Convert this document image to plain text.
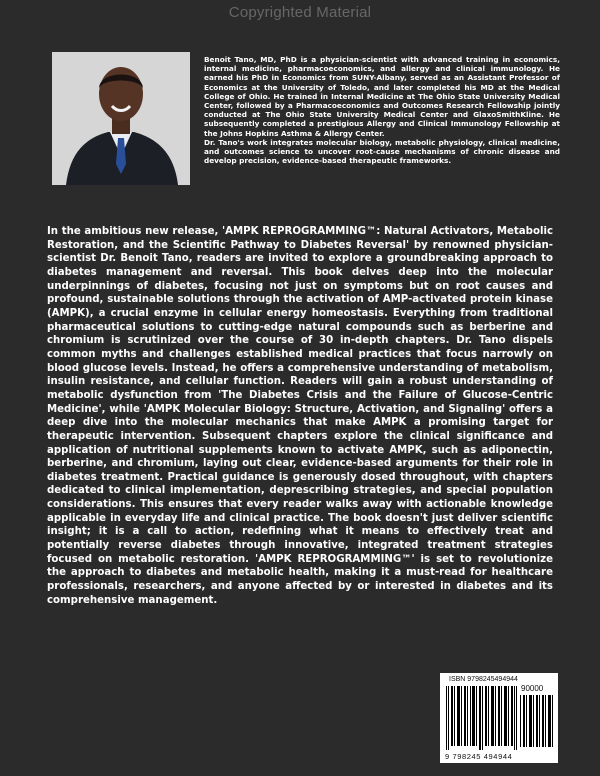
Copyrighted Material

Benoit Tano, MD, PhD is a physician-scientist with advanced training in economics, internal medicine, pharmacoeconomics, and allergy and clinical immunology. He earned his PhD in Economics from SUNY-Albany, served as an Assistant Professor of Economics at the University of Toledo, and later completed his MD at the Medical College of Ohio. He trained in Internal Medicine at The Ohio State University Medical Center, followed by a Pharmacoeconomics and Outcomes Research Fellowship jointly conducted at The Ohio State University Medical Center and GlaxoSmithKline. He subsequently completed a prestigious Allergy and Clinical Immunology Fellowship at the Johns Hopkins Asthma & Allergy Center.

Dr. Tano's work integrates molecular biology, metabolic physiology, clinical medicine, and outcomes science to uncover root-cause mechanisms of chronic disease and develop precision, evidence-based therapeutic frameworks.

In the ambitious new release, 'AMPK REPROGRAMMING™: Natural Activators, Metabolic Restoration, and the Scientific Pathway to Diabetes Reversal' by renowned physician-scientist Dr. Benoit Tano, readers are invited to explore a groundbreaking approach to diabetes management and reversal. This book delves deep into the molecular underpinnings of diabetes, focusing not just on symptoms but on root causes and profound, sustainable solutions through the activation of AMP-activated protein kinase (AMPK), a crucial enzyme in cellular energy homeostasis. Everything from traditional pharmaceutical solutions to cutting-edge natural compounds such as berberine and chromium is scrutinized over the course of 30 in-depth chapters. Dr. Tano dispels common myths and challenges established medical practices that focus narrowly on blood glucose levels. Instead, he offers a comprehensive understanding of metabolism, insulin resistance, and cellular function. Readers will gain a robust understanding of metabolic dysfunction from 'The Diabetes Crisis and the Failure of Glucose-Centric Medicine', while 'AMPK Molecular Biology: Structure, Activation, and Signaling' offers a deep dive into the molecular mechanics that make AMPK a promising target for therapeutic intervention. Subsequent chapters explore the clinical significance and application of nutritional supplements known to activate AMPK, such as adiponectin, berberine, and chromium, laying out clear, evidence-based arguments for their role in diabetes treatment. Practical guidance is generously dosed throughout, with chapters dedicated to clinical implementation, deprescribing strategies, and special population considerations. This ensures that every reader walks away with actionable knowledge applicable in everyday life and clinical practice. The book doesn't just deliver scientific insight; it is a call to action, redefining what it means to effectively treat and potentially reverse diabetes through innovative, integrated treatment strategies focused on metabolic restoration. 'AMPK REPROGRAMMING™' is set to revolutionize the approach to diabetes and metabolic health, making it a must-read for healthcare professionals, researchers, and anyone affected by or interested in diabetes and its comprehensive management.

ISBN 9798245494944
90000
9 798245 494944
